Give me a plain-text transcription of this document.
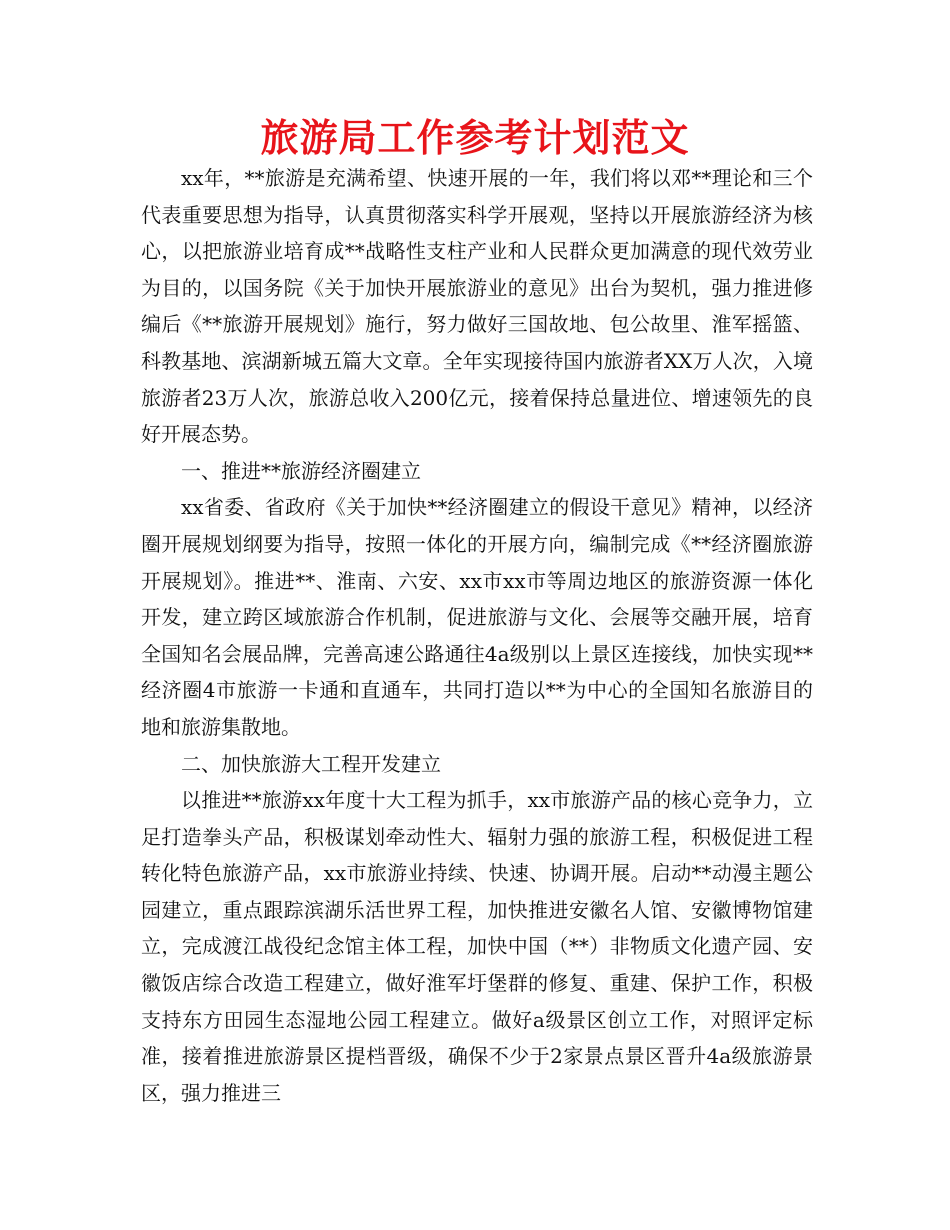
旅游局工作参考计划范文

xx年，**旅游是充满希望、快速开展的一年，我们将以邓**理论和三个代表重要思想为指导，认真贯彻落实科学开展观，坚持以开展旅游经济为核心，以把旅游业培育成**战略性支柱产业和人民群众更加满意的现代效劳业为目的，以国务院《关于加快开展旅游业的意见》出台为契机，强力推进修编后《**旅游开展规划》施行，努力做好三国故地、包公故里、淮军摇篮、科教基地、滨湖新城五篇大文章。全年实现接待国内旅游者XX万人次，入境旅游者23万人次，旅游总收入200亿元，接着保持总量进位、增速领先的良好开展态势。

一、推进**旅游经济圈建立

xx省委、省政府《关于加快**经济圈建立的假设干意见》精神，以经济圈开展规划纲要为指导，按照一体化的开展方向，编制完成《**经济圈旅游开展规划》。推进**、淮南、六安、xx市xx市等周边地区的旅游资源一体化开发，建立跨区域旅游合作机制，促进旅游与文化、会展等交融开展，培育全国知名会展品牌，完善高速公路通往4a级别以上景区连接线，加快实现**经济圈4市旅游一卡通和直通车，共同打造以**为中心的全国知名旅游目的地和旅游集散地。

二、加快旅游大工程开发建立

以推进**旅游xx年度十大工程为抓手，xx市旅游产品的核心竞争力，立足打造拳头产品，积极谋划牵动性大、辐射力强的旅游工程，积极促进工程转化特色旅游产品，xx市旅游业持续、快速、协调开展。启动**动漫主题公园建立，重点跟踪滨湖乐活世界工程，加快推进安徽名人馆、安徽博物馆建立，完成渡江战役纪念馆主体工程，加快中国（**）非物质文化遗产园、安徽饭店综合改造工程建立，做好淮军圩堡群的修复、重建、保护工作，积极支持东方田园生态湿地公园工程建立。做好a级景区创立工作，对照评定标准，接着推进旅游景区提档晋级，确保不少于2家景点景区晋升4a级旅游景区，强力推进三
